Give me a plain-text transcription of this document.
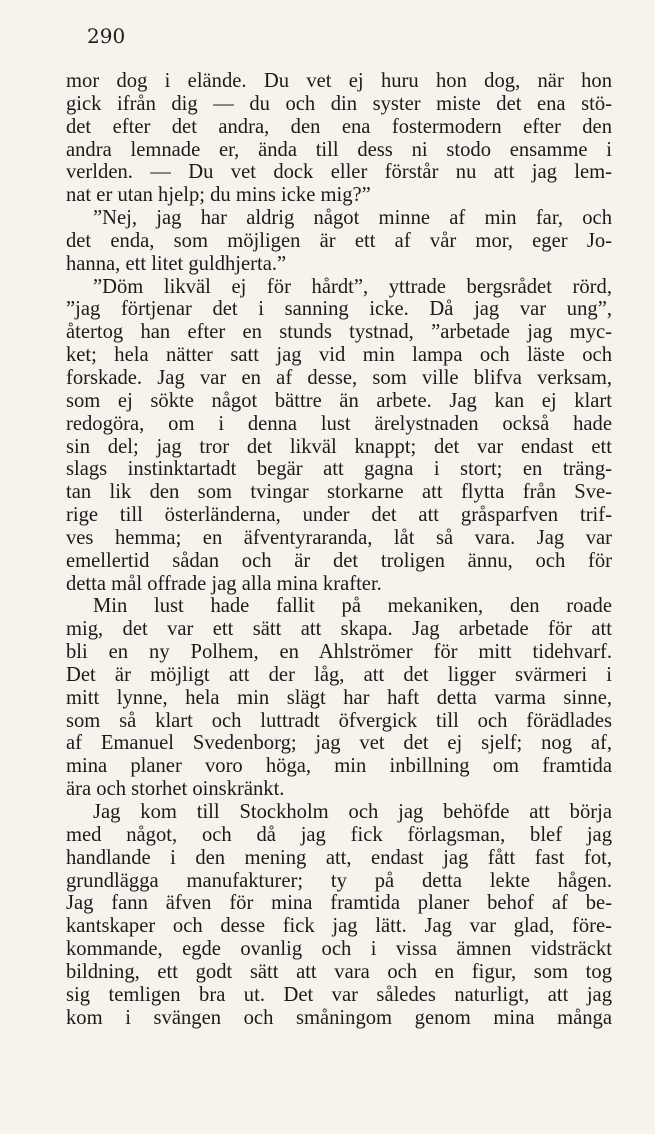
290
mor dog i elände. Du vet ej huru hon dog, när hon
gick ifrån dig — du och din syster miste det ena stö-
det efter det andra, den ena fostermodern efter den
andra lemnade er, ända till dess ni stodo ensamme i
verlden. — Du vet dock eller förstår nu att jag lem-
nat er utan hjelp; du mins icke mig?”
”Nej, jag har aldrig något minne af min far, och
det enda, som möjligen är ett af vår mor, eger Jo-
hanna, ett litet guldhjerta.”
”Döm likväl ej för hårdt”, yttrade bergsrådet rörd,
”jag förtjenar det i sanning icke. Då jag var ung”,
återtog han efter en stunds tystnad, ”arbetade jag myc-
ket; hela nätter satt jag vid min lampa och läste och
forskade. Jag var en af desse, som ville blifva verksam,
som ej sökte något bättre än arbete. Jag kan ej klart
redogöra, om i denna lust ärelystnaden också hade
sin del; jag tror det likväl knappt; det var endast ett
slags instinktartadt begär att gagna i stort; en träng-
tan lik den som tvingar storkarne att flytta från Sve-
rige till österländerna, under det att gråsparfven trif-
ves hemma; en äfventyraranda, låt så vara. Jag var
emellertid sådan och är det troligen ännu, och för
detta mål offrade jag alla mina krafter.
Min lust hade fallit på mekaniken, den roade
mig, det var ett sätt att skapa. Jag arbetade för att
bli en ny Polhem, en Ahlströmer för mitt tidehvarf.
Det är möjligt att der låg, att det ligger svärmeri i
mitt lynne, hela min slägt har haft detta varma sinne,
som så klart och luttradt öfvergick till och förädlades
af Emanuel Svedenborg; jag vet det ej sjelf; nog af,
mina planer voro höga, min inbillning om framtida
ära och storhet oinskränkt.
Jag kom till Stockholm och jag behöfde att börja
med något, och då jag fick förlagsman, blef jag
handlande i den mening att, endast jag fått fast fot,
grundlägga manufakturer; ty på detta lekte hågen.
Jag fann äfven för mina framtida planer behof af be-
kantskaper och desse fick jag lätt. Jag var glad, före-
kommande, egde ovanlig och i vissa ämnen vidsträckt
bildning, ett godt sätt att vara och en figur, som tog
sig temligen bra ut. Det var således naturligt, att jag
kom i svängen och småningom genom mina många
